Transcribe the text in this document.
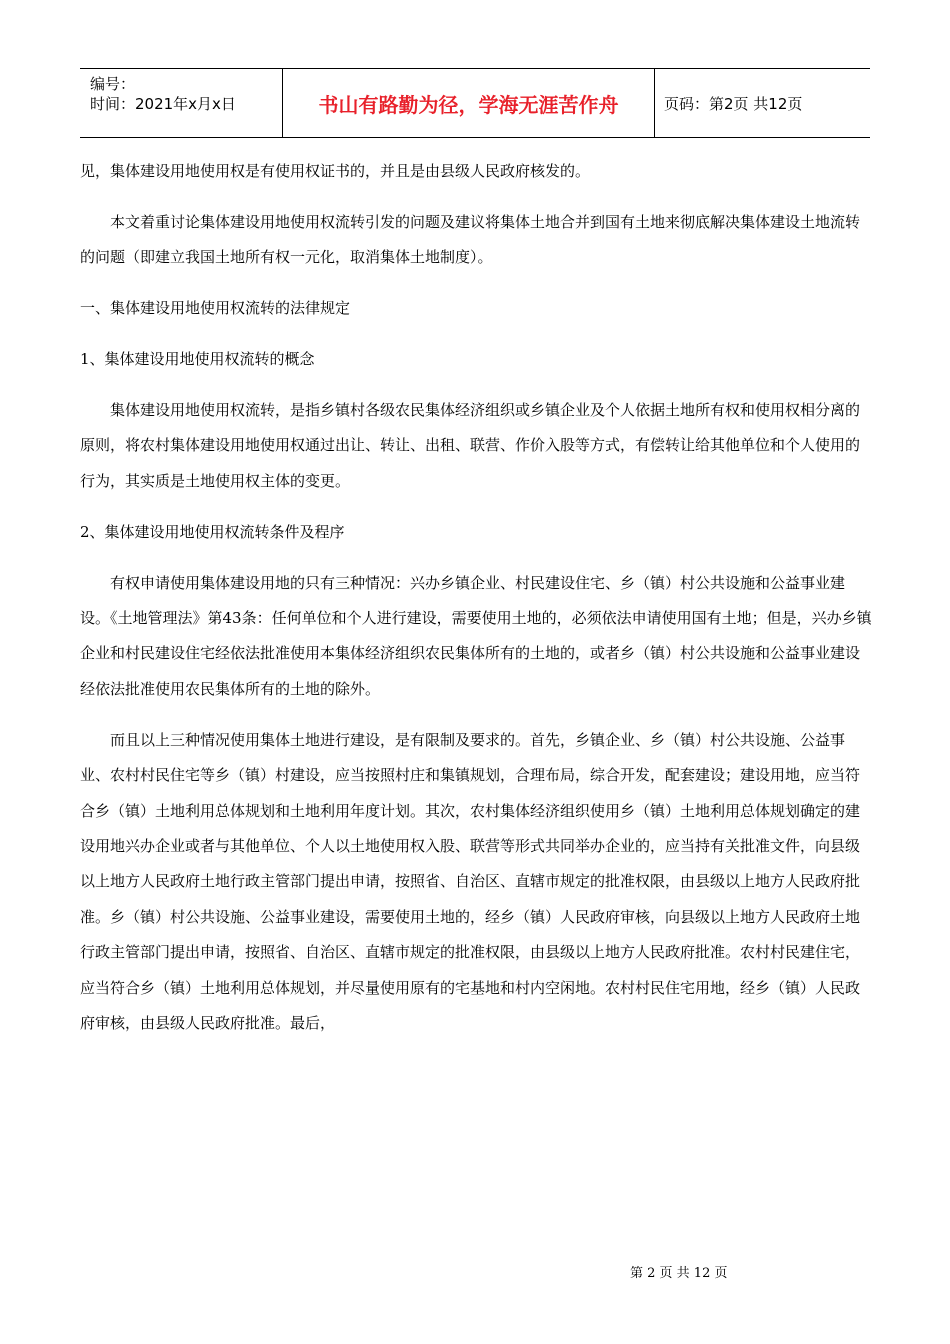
编号：
时间：2021年x月x日	书山有路勤为径，学海无涯苦作舟	页码：第2页 共12页

见，集体建设用地使用权是有使用权证书的，并且是由县级人民政府核发的。

本文着重讨论集体建设用地使用权流转引发的问题及建议将集体土地合并到国有土地来彻底解决集体建设土地流转的问题（即建立我国土地所有权一元化，取消集体土地制度）。

一、集体建设用地使用权流转的法律规定

1、集体建设用地使用权流转的概念

集体建设用地使用权流转，是指乡镇村各级农民集体经济组织或乡镇企业及个人依据土地所有权和使用权相分离的原则，将农村集体建设用地使用权通过出让、转让、出租、联营、作价入股等方式，有偿转让给其他单位和个人使用的行为，其实质是土地使用权主体的变更。

2、集体建设用地使用权流转条件及程序

有权申请使用集体建设用地的只有三种情况：兴办乡镇企业、村民建设住宅、乡（镇）村公共设施和公益事业建设。《土地管理法》第43条：任何单位和个人进行建设，需要使用土地的，必须依法申请使用国有土地；但是，兴办乡镇企业和村民建设住宅经依法批准使用本集体经济组织农民集体所有的土地的，或者乡（镇）村公共设施和公益事业建设经依法批准使用农民集体所有的土地的除外。

而且以上三种情况使用集体土地进行建设，是有限制及要求的。首先，乡镇企业、乡（镇）村公共设施、公益事业、农村村民住宅等乡（镇）村建设，应当按照村庄和集镇规划，合理布局，综合开发，配套建设；建设用地，应当符合乡（镇）土地利用总体规划和土地利用年度计划。其次，农村集体经济组织使用乡（镇）土地利用总体规划确定的建设用地兴办企业或者与其他单位、个人以土地使用权入股、联营等形式共同举办企业的，应当持有关批准文件，向县级以上地方人民政府土地行政主管部门提出申请，按照省、自治区、直辖市规定的批准权限，由县级以上地方人民政府批准。乡（镇）村公共设施、公益事业建设，需要使用土地的，经乡（镇）人民政府审核，向县级以上地方人民政府土地行政主管部门提出申请，按照省、自治区、直辖市规定的批准权限，由县级以上地方人民政府批准。农村村民建住宅，应当符合乡（镇）土地利用总体规划，并尽量使用原有的宅基地和村内空闲地。农村村民住宅用地，经乡（镇）人民政府审核，由县级人民政府批准。最后，

第 2 页 共 12 页
